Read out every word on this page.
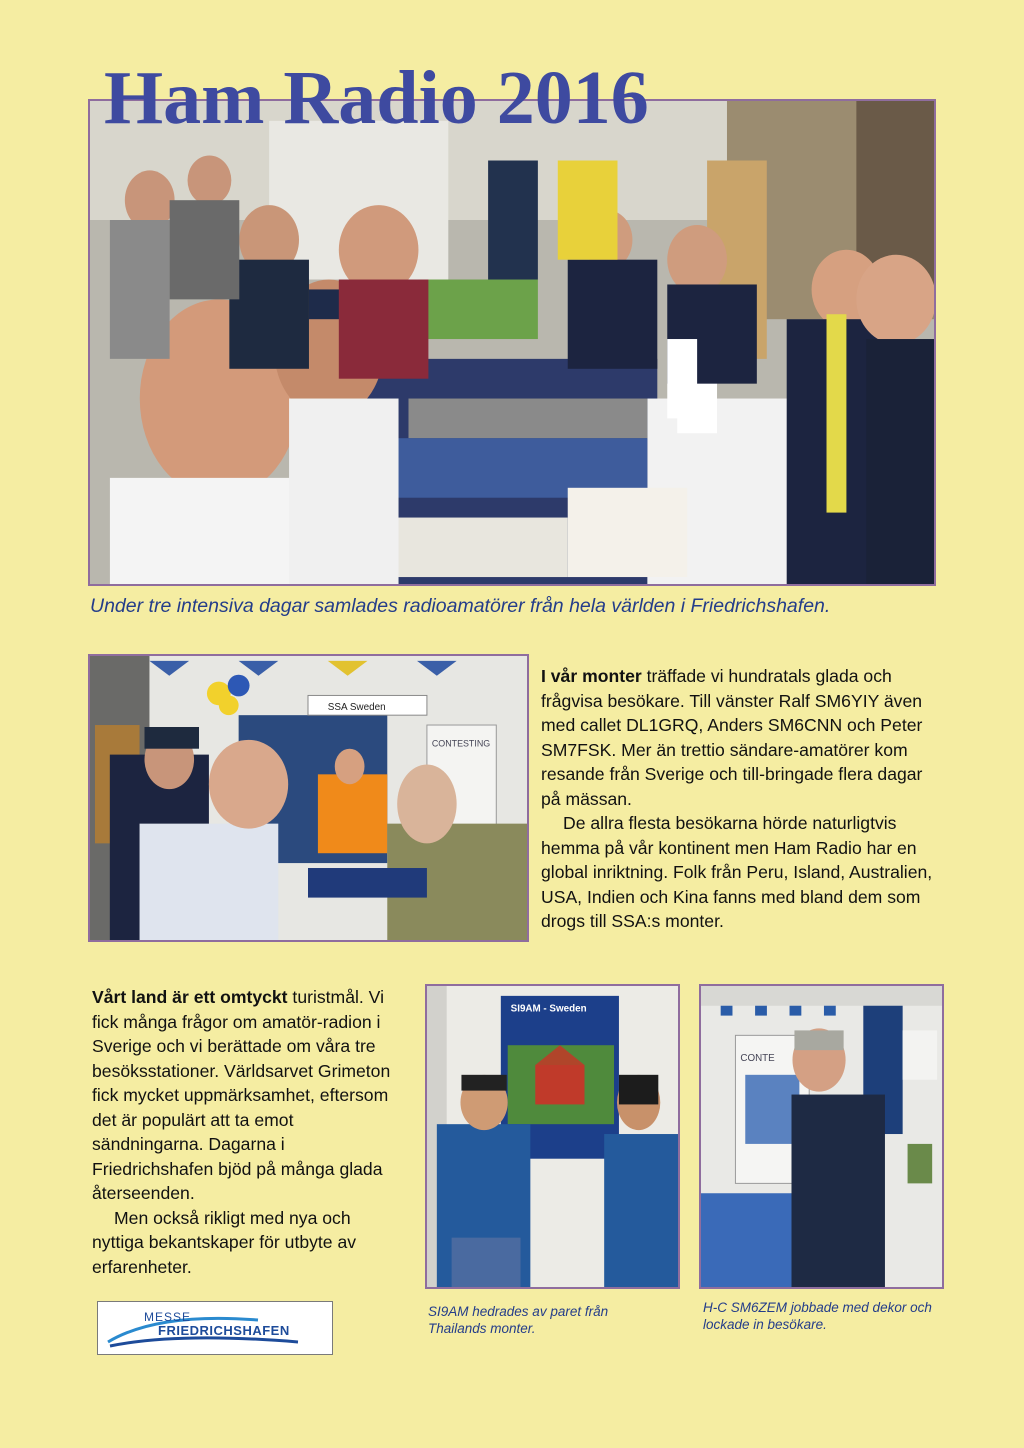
Ham Radio 2016
Under tre intensiva dagar samlades radioamatörer från hela världen i Friedrichshafen.
SSA Sweden
CONTESTING

I vår monter träffade vi hundratals glada och frågvisa besökare. Till vänster Ralf SM6YIY även med callet DL1GRQ, Anders SM6CNN och Peter SM7FSK. Mer än trettio sändare-amatörer kom resande från Sverige och till-bringade flera dagar på mässan.

De allra flesta besökarna hörde naturligtvis hemma på vår kontinent men Ham Radio har en global inriktning. Folk från Peru, Island, Australien, USA, Indien och Kina fanns med bland dem som drogs till SSA:s monter.

Vårt land är ett omtyckt turistmål. Vi fick många frågor om amatör-radion i Sverige och vi berättade om våra tre besöksstationer. Världsarvet Grimeton fick mycket uppmärksamhet, eftersom det är populärt att ta emot sändningarna. Dagarna i Friedrichshafen bjöd på många glada återseenden.

Men också rikligt med nya och nyttiga bekantskaper för utbyte av erfarenheter.

SI9AM - Sweden
CONTE
SI9AM hedrades av paret från Thailands monter.
H-C SM6ZEM jobbade med dekor och lockade in besökare.
MESSE
FRIEDRICHSHAFEN
